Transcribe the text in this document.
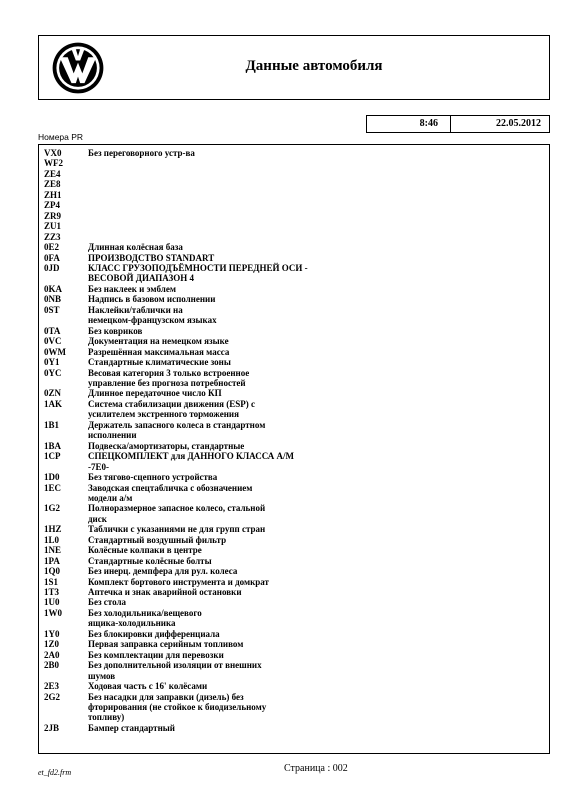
Данные автомобиля
8:46	22.05.2012
Номера PR
VX0	Без переговорного устр-ва
WF2
ZE4
ZE8
ZH1
ZP4
ZR9
ZU1
ZZ3
0E2	Длинная колёсная база
0FA	ПРОИЗВОДСТВО STANDART
0JD	КЛАСС ГРУЗОПОДЪЁМНОСТИ ПЕРЕДНЕЙ ОСИ -
ВЕСОВОЙ ДИАПАЗОН 4
0KA	Без наклеек и эмблем
0NB	Надпись в базовом исполнении
0ST	Наклейки/таблички на
немецком-французском языках
0TA	Без ковриков
0VC	Документация на немецком языке
0WM	Разрешённая максимальная масса
0Y1	Стандартные климатические зоны
0YC	Весовая категория 3 только встроенное
управление без прогноза потребностей
0ZN	Длинное передаточное число КП
1AK	Система стабилизации движения (ESP) с
усилителем экстренного торможения
1B1	Держатель запасного колеса в стандартном
исполнении
1BA	Подвеска/амортизаторы, стандартные
1CP	СПЕЦКОМПЛЕКТ для ДАННОГО КЛАССА А/М
-7E0-
1D0	Без тягово-сцепного устройства
1EC	Заводская спецтабличка с обозначением
модели а/м
1G2	Полноразмерное запасное колесо, стальной
диск
1HZ	Таблички с указаниями не для групп стран
1L0	Стандартный воздушный фильтр
1NE	Колёсные колпаки в центре
1PA	Стандартные колёсные болты
1Q0	Без инерц. демпфера для рул. колеса
1S1	Комплект бортового инструмента и домкрат
1T3	Аптечка и знак аварийной остановки
1U0	Без стола
1W0	Без холодильника/вещевого
ящика-холодильника
1Y0	Без блокировки дифференциала
1Z0	Первая заправка серийным топливом
2A0	Без комплектации для перевозки
2B0	Без дополнительной изоляции от внешних
шумов
2E3	Ходовая часть с 16' колёсами
2G2	Без насадки для заправки (дизель) без
фторирования (не стойкое к биодизельному
топливу)
2JB	Бампер стандартный
et_fd2.frm	Страница : 002
